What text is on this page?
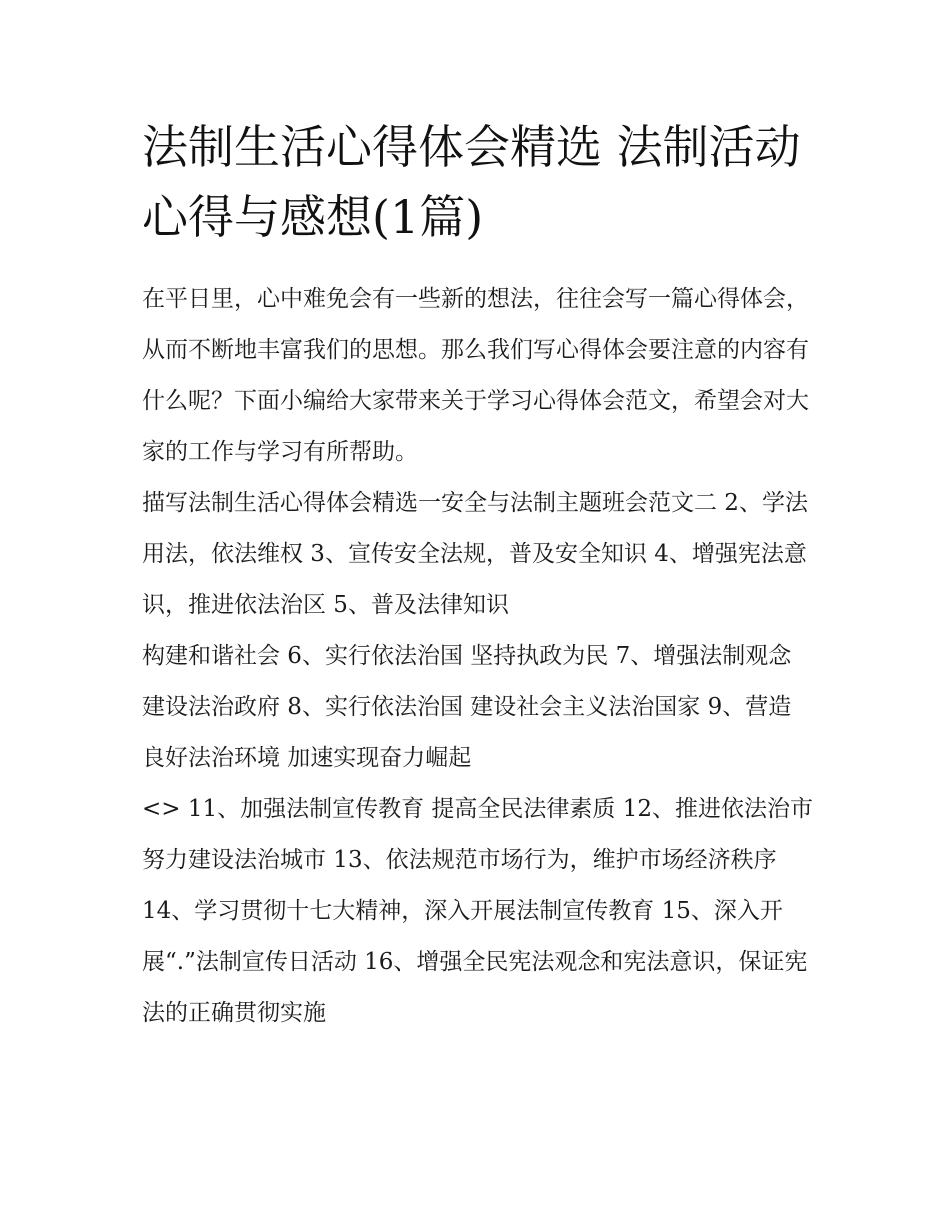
法制生活心得体会精选 法制活动心得与感想(1篇)

在平日里，心中难免会有一些新的想法，往往会写一篇心得体会，从而不断地丰富我们的思想。那么我们写心得体会要注意的内容有什么呢？下面小编给大家带来关于学习心得体会范文，希望会对大家的工作与学习有所帮助。

描写法制生活心得体会精选一安全与法制主题班会范文二 2、学法用法，依法维权 3、宣传安全法规，普及安全知识 4、增强宪法意识，推进依法治区 5、普及法律知识

构建和谐社会 6、实行依法治国 坚持执政为民 7、增强法制观念 建设法治政府 8、实行依法治国 建设社会主义法治国家 9、营造良好法治环境 加速实现奋力崛起

<> 11、加强法制宣传教育 提高全民法律素质 12、推进依法治市 努力建设法治城市 13、依法规范市场行为，维护市场经济秩序

14、学习贯彻十七大精神，深入开展法制宣传教育 15、深入开展“.”法制宣传日活动 16、增强全民宪法观念和宪法意识，保证宪法的正确贯彻实施
